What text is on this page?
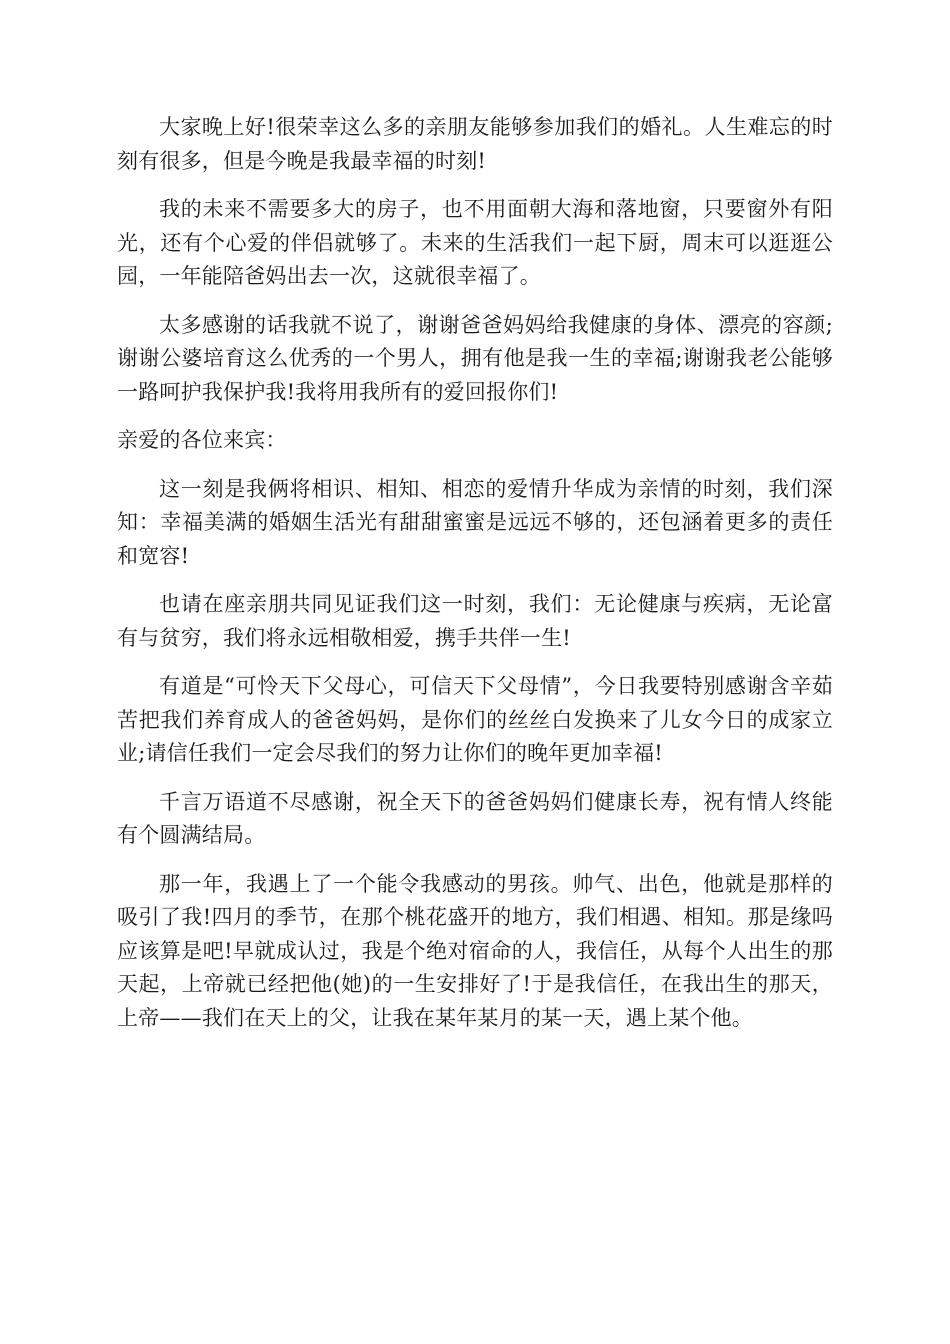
大家晚上好!很荣幸这么多的亲朋友能够参加我们的婚礼。人生难忘的时刻有很多，但是今晚是我最幸福的时刻!

我的未来不需要多大的房子，也不用面朝大海和落地窗，只要窗外有阳光，还有个心爱的伴侣就够了。未来的生活我们一起下厨，周末可以逛逛公园，一年能陪爸妈出去一次，这就很幸福了。

太多感谢的话我就不说了，谢谢爸爸妈妈给我健康的身体、漂亮的容颜;谢谢公婆培育这么优秀的一个男人，拥有他是我一生的幸福;谢谢我老公能够一路呵护我保护我!我将用我所有的爱回报你们!

亲爱的各位来宾：

这一刻是我俩将相识、相知、相恋的爱情升华成为亲情的时刻，我们深知：幸福美满的婚姻生活光有甜甜蜜蜜是远远不够的，还包涵着更多的责任和宽容!

也请在座亲朋共同见证我们这一时刻，我们：无论健康与疾病，无论富有与贫穷，我们将永远相敬相爱，携手共伴一生!

有道是“可怜天下父母心，可信天下父母情”，今日我要特别感谢含辛茹苦把我们养育成人的爸爸妈妈，是你们的丝丝白发换来了儿女今日的成家立业;请信任我们一定会尽我们的努力让你们的晚年更加幸福!

千言万语道不尽感谢，祝全天下的爸爸妈妈们健康长寿，祝有情人终能有个圆满结局。

那一年，我遇上了一个能令我感动的男孩。帅气、出色，他就是那样的吸引了我!四月的季节，在那个桃花盛开的地方，我们相遇、相知。那是缘吗应该算是吧!早就成认过，我是个绝对宿命的人，我信任，从每个人出生的那天起，上帝就已经把他(她)的一生安排好了!于是我信任，在我出生的那天，上帝——我们在天上的父，让我在某年某月的某一天，遇上某个他。
